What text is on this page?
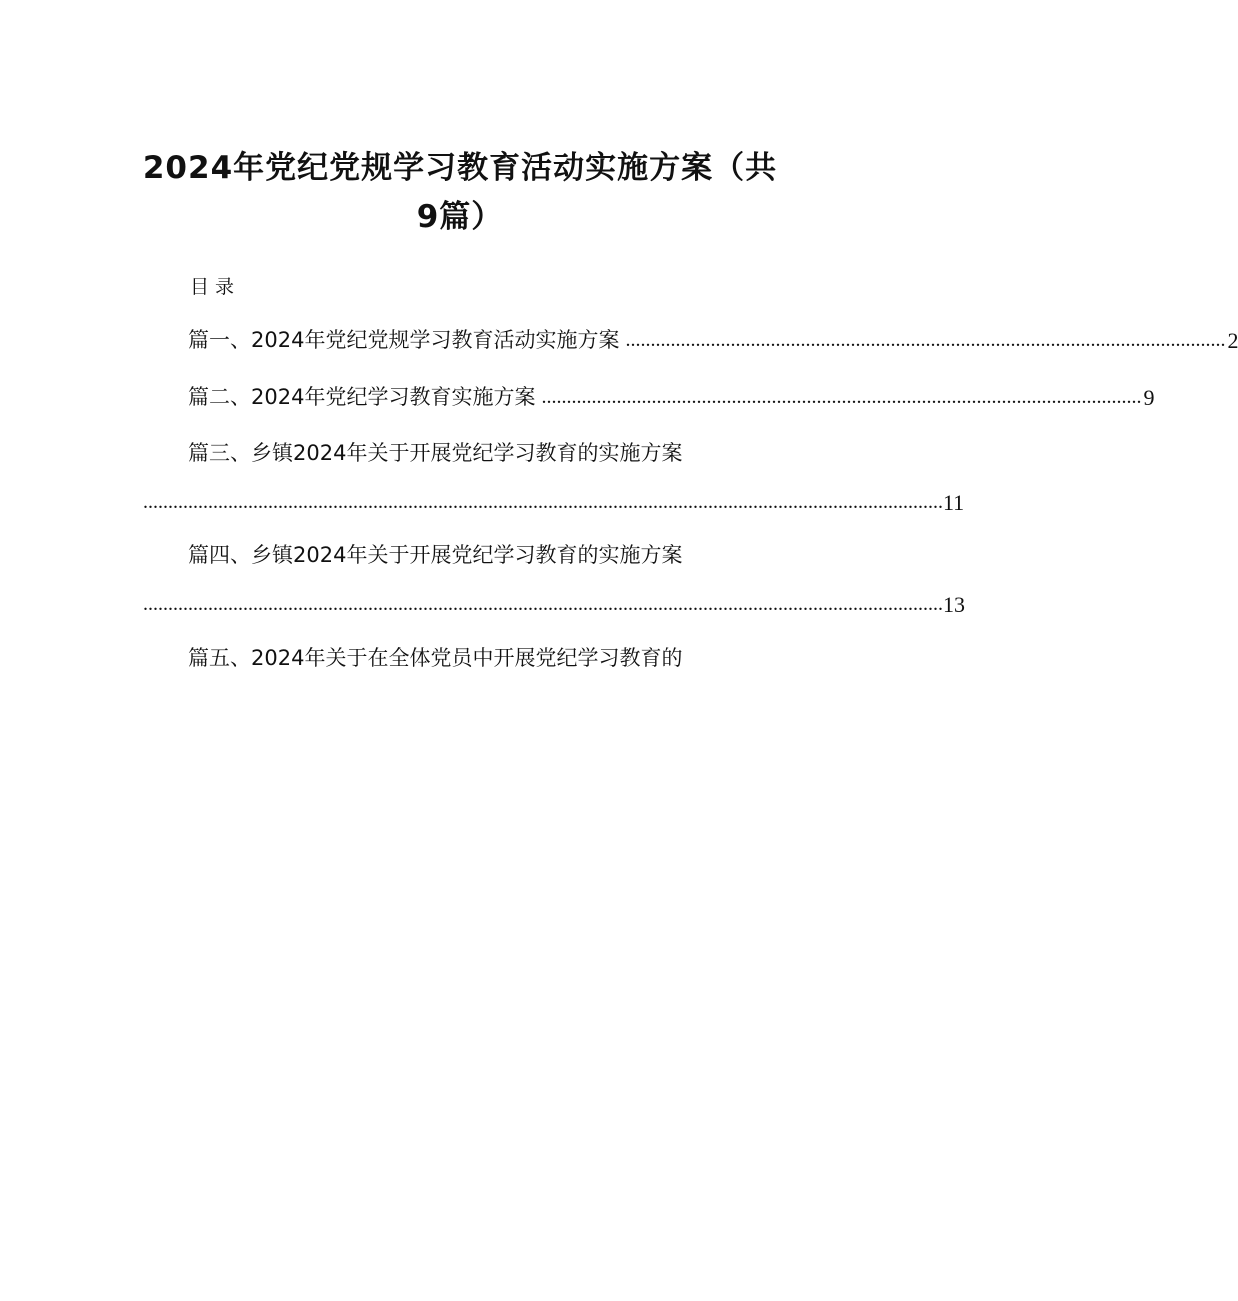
2024年党纪党规学习教育活动实施方案（共
9篇）
目录
篇一、2024年党纪党规学习教育活动实施方案 ........................................................................................................................ 2
篇二、2024年党纪学习教育实施方案 ........................................................................................................................ 9
篇三、乡镇2024年关于开展党纪学习教育的实施方案
................................................................................................................................................................ 11
篇四、乡镇2024年关于开展党纪学习教育的实施方案
................................................................................................................................................................ 13
篇五、2024年关于在全体党员中开展党纪学习教育的
